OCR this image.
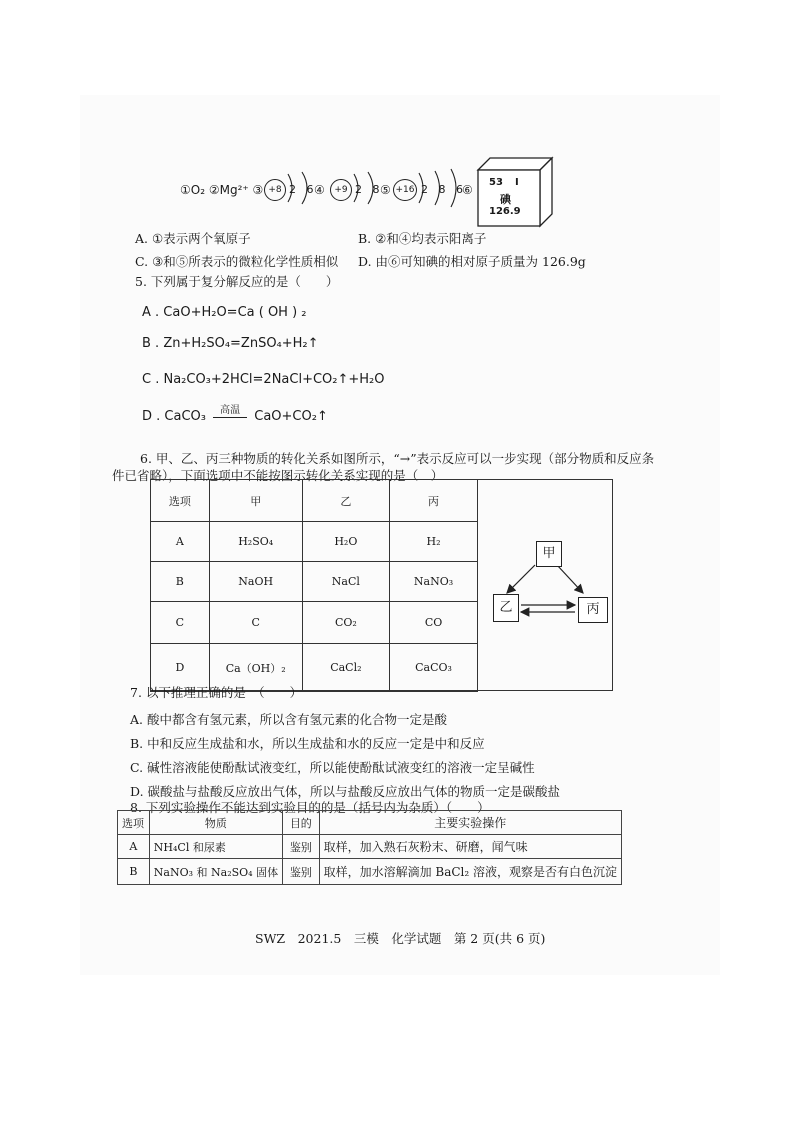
①O₂ ②Mg²⁺ ③ +8 2 6 ④	+9 2 8 ⑤ +16 2 8 6 ⑥
53 I
碘
126.9
A. ①表示两个氧原子	B. ②和④均表示阳离子
C. ③和⑤所表示的微粒化学性质相似 D. 由⑥可知碘的相对原子质量为 126.9g
5. 下列属于复分解反应的是（　　）
A . CaO+H₂O=Ca ( OH ) ₂
B . Zn+H₂SO₄=ZnSO₄+H₂↑
C . Na₂CO₃+2HCl=2NaCl+CO₂↑+H₂O
D . CaCO₃ 高温 CaO+CO₂↑
6. 甲、乙、丙三种物质的转化关系如图所示，“→”表示反应可以一步实现（部分物质和反应条
件已省略），下面选项中不能按图示转化关系实现的是（　）
选项	甲	乙	丙
A	H₂SO₄	H₂O	H₂
B	NaOH	NaCl	NaNO₃
C	C	CO₂	CO
D	Ca（OH）₂	CaCl₂	CaCO₃
甲
乙	丙
7. 以下推理正确的是　（　　）
A. 酸中都含有氢元素，所以含有氢元素的化合物一定是酸
B. 中和反应生成盐和水，所以生成盐和水的反应一定是中和反应
C. 碱性溶液能使酚酞试液变红，所以能使酚酞试液变红的溶液一定呈碱性
D. 碳酸盐与盐酸反应放出气体，所以与盐酸反应放出气体的物质一定是碳酸盐
8. 下列实验操作不能达到实验目的的是（括号内为杂质）（　　）
选项	物质	目的	主要实验操作
A	NH₄Cl 和尿素	鉴别	取样，加入熟石灰粉末、研磨，闻气味
B	NaNO₃ 和 Na₂SO₄ 固体	鉴别	取样，加水溶解滴加 BaCl₂ 溶液，观察是否有白色沉淀
SWZ　2021.5　三模　化学试题　第 2 页(共 6 页)
